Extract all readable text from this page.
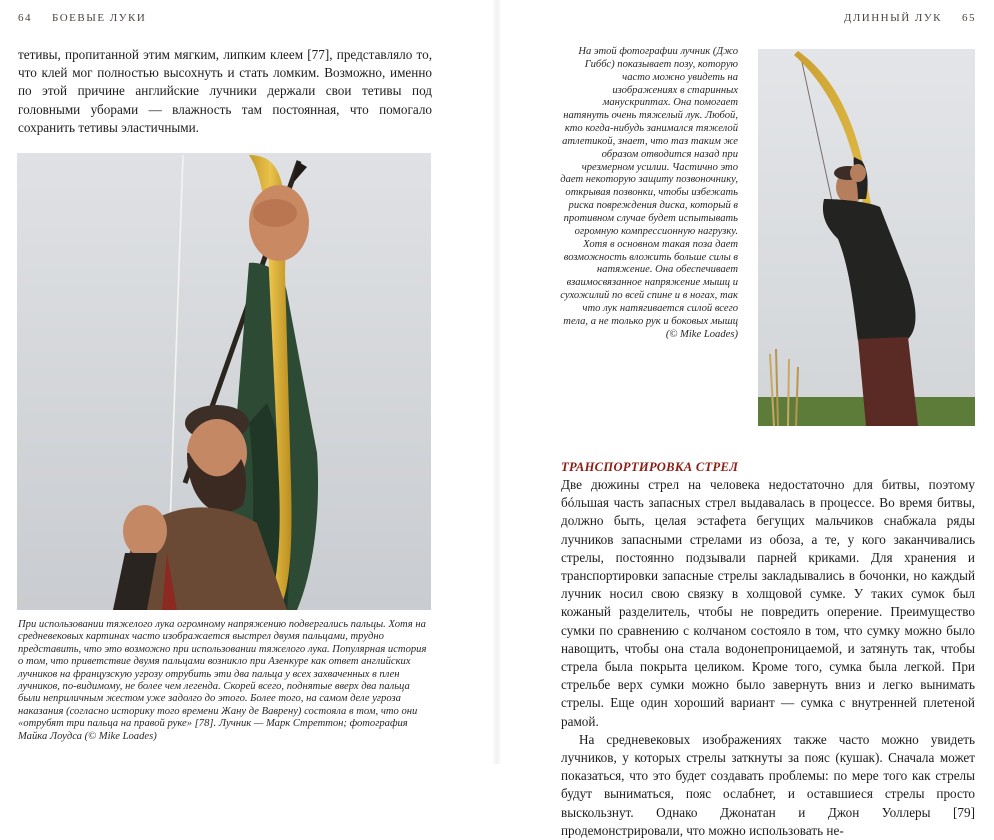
64 БОЕВЫЕ ЛУКИ

тетивы, пропитанной этим мягким, липким клеем [77], представляло то, что клей мог полностью высохнуть и стать ломким. Возможно, именно по этой причине английские лучники держали свои тетивы под головными уборами — влажность там постоянная, что помогало сохранить тетивы эластичными.

При использовании тяжелого лука огромному напряжению подвергались пальцы. Хотя на средневековых картинах часто изображается выстрел двумя пальцами, трудно представить, что это возможно при использовании тяжелого лука. Популярная история о том, что приветствие двумя пальцами возникло при Азенкуре как ответ английских лучников на французскую угрозу отрубить эти два пальца у всех захваченных в плен лучников, по-видимому, не более чем легенда. Скорей всего, поднятые вверх два пальца были неприличным жестом уже задолго до этого. Более того, на самом деле угроза наказания (согласно историку того времени Жану де Ваврену) состояла в том, что они «отрубят три пальца на правой руке» [78]. Лучник — Марк Стреттон; фотография Майка Лоудса (© Mike Loades)
ДЛИННЫЙ ЛУК 65
На этой фотографии лучник (Джо Гиббс) показывает позу, которую часто можно увидеть на изображениях в старинных манускриптах. Она помогает натянуть очень тяжелый лук. Любой, кто когда-нибудь занимался тяжелой атлетикой, знает, что таз таким же образом отводится назад при чрезмерном усилии. Частично это дает некоторую защиту позвоночнику, открывая позвонки, чтобы избежать риска повреждения диска, который в противном случае будет испытывать огромную компрессионную нагрузку. Хотя в основном такая поза дает возможность вложить больше силы в натяжение. Она обеспечивает взаимосвязанное напряжение мышц и сухожилий по всей спине и в ногах, так что лук натягивается силой всего тела, а не только рук и боковых мышц (© Mike Loades)
ТРАНСПОРТИРОВКА СТРЕЛ

Две дюжины стрел на человека недостаточно для битвы, поэтому бóльшая часть запасных стрел выдавалась в процессе. Во время битвы, должно быть, целая эстафета бегущих мальчиков снабжала ряды лучников запасными стрелами из обоза, а те, у кого заканчивались стрелы, постоянно подзывали парней криками. Для хранения и транспортировки запасные стрелы закладывались в бочонки, но каждый лучник носил свою связку в холщовой сумке. У таких сумок был кожаный разделитель, чтобы не повредить оперение. Преимущество сумки по сравнению с колчаном состояло в том, что сумку можно было навощить, чтобы она стала водонепроницаемой, и затянуть так, чтобы стрела была покрыта целиком. Кроме того, сумка была легкой. При стрельбе верх сумки можно было завернуть вниз и легко вынимать стрелы. Еще один хороший вариант — сумка с внутренней плетеной рамой.

На средневековых изображениях также часто можно увидеть лучников, у которых стрелы заткнуты за пояс (кушак). Сначала может показаться, что это будет создавать проблемы: по мере того как стрелы будут выниматься, пояс ослабнет, и оставшиеся стрелы просто выскользнут. Однако Джонатан и Джон Уоллеры [79] продемонстрировали, что можно использовать не-
